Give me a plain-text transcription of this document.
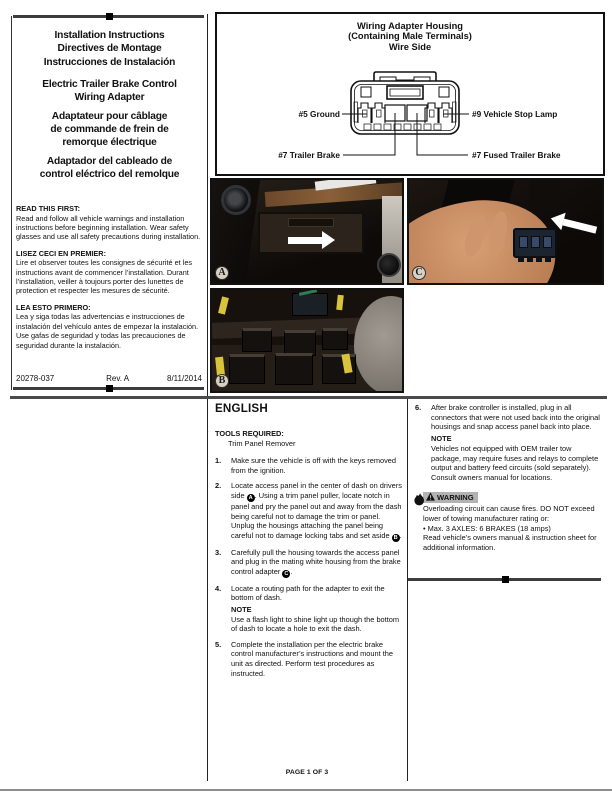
Installation Instructions
Directives de Montage
Instrucciones de Instalación
Electric Trailer Brake Control
Wiring Adapter
Adaptateur pour câblage
de commande de frein de
remorque électrique
Adaptador del cableado de
control eléctrico del remolque
READ THIS FIRST:
Read and follow all vehicle warnings and installation instructions before beginning installation. Wear safety glasses and use all safety precautions during installation.
LISEZ CECI EN PREMIER:
Lire et observer toutes les consignes de sécurité et les instructions avant de commencer l’installation. Durant l’installation, veiller à toujours porter des lunettes de protection et respecter les mesures de sécurité.
LEA ESTO PRIMERO:
Lea y siga todas las advertencias e instrucciones de instalación del vehículo antes de empezar la instalación. Use gafas de seguridad y todas las precauciones de seguridad durante la instalación.
20278-037	Rev. A	8/11/2014
Wiring Adapter Housing
(Containing Male Terminals)
Wire Side
#5 Ground	#9 Vehicle Stop Lamp
#7 Trailer Brake	#7 Fused Trailer Brake
A	C
B
ENGLISH
TOOLS REQUIRED:
Trim Panel Remover
1.	Make sure the vehicle is off with the keys removed from the ignition.
2.	Locate access panel in the center of dash on drivers side A . Using a trim panel puller, locate notch in panel and pry the panel out and away from the dash being careful not to damage the trim or panel. Unplug the housings attaching the panel being careful not to damage locking tabs and set aside B .
3.	Carefully pull the housing towards the access panel and plug in the mating white housing from the brake control adapter C .
4.	Locate a routing path for the adapter to exit the bottom of dash.
NOTE
Use a flash light to shine light up though the bottom of dash to locate a hole to exit the dash.
5.	Complete the installation per the electric brake control manufacturer’s instructions and mount the unit as directed. Perform test procedures as instructed.
6.	After brake controller is installed, plug in all connectors that were not used back into the original housings and snap access panel back into place.
NOTE
Vehicles not equipped with OEM trailer tow package, may require fuses and relays to complete output and battery feed circuits (sold separately). Consult owners manual for locations.
WARNING
Overloading circuit can cause fires. DO NOT exceed lower of towing manufacturer rating or:
• Max. 3 AXLES: 6 BRAKES (18 amps)
Read vehicle’s owners manual & instruction sheet for additional information.
PAGE 1 OF 3
